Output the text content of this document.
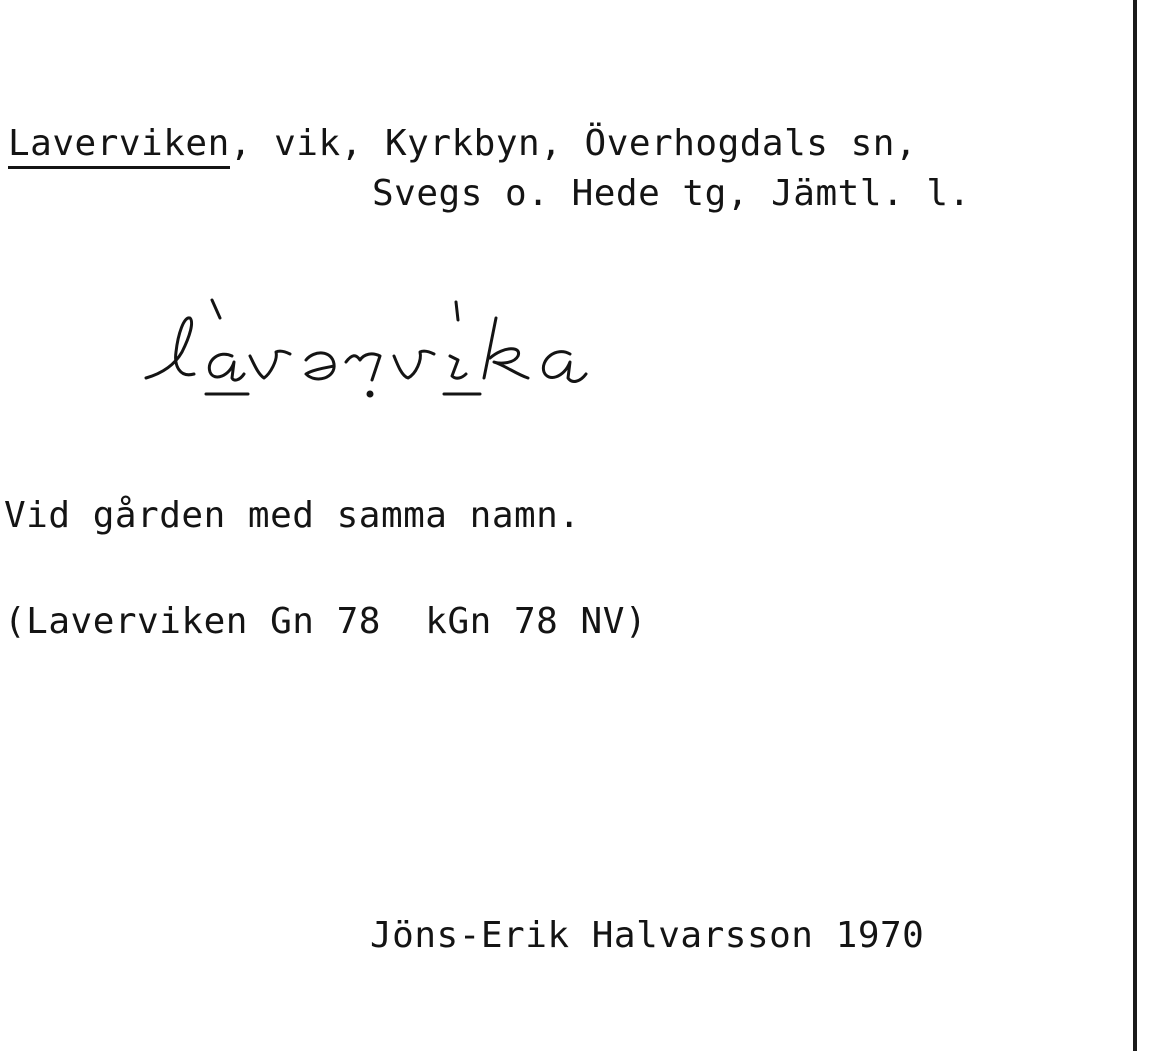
Laverviken, vik, Kyrkbyn, Överhogdals sn,
Svegs o. Hede tg, Jämtl. l.
Vid gården med samma namn.
(Laverviken Gn 78  kGn 78 NV)
Jöns-Erik Halvarsson 1970
